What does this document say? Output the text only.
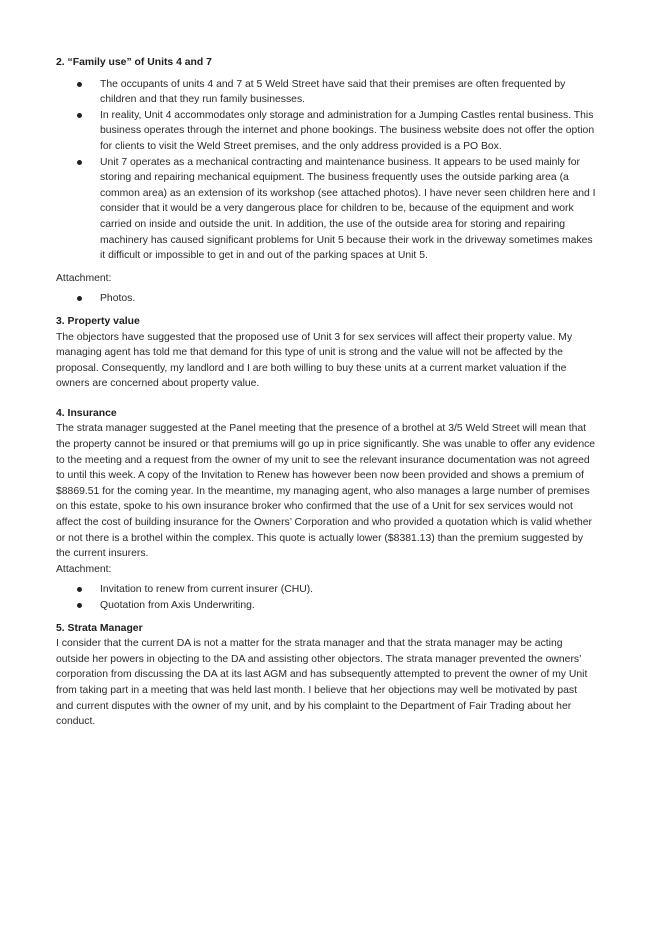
2. “Family use” of Units 4 and 7
The occupants of units 4 and 7 at 5 Weld Street have said that their premises are often frequented by children and that they run family businesses.
In reality, Unit 4 accommodates only storage and administration for a Jumping Castles rental business. This business operates through the internet and phone bookings. The business website does not offer the option for clients to visit the Weld Street premises, and the only address provided is a PO Box.
Unit 7 operates as a mechanical contracting and maintenance business. It appears to be used mainly for storing and repairing mechanical equipment. The business frequently uses the outside parking area (a common area) as an extension of its workshop (see attached photos). I have never seen children here and I consider that it would be a very dangerous place for children to be, because of the equipment and work carried on inside and outside the unit. In addition, the use of the outside area for storing and repairing machinery has caused significant problems for Unit 5 because their work in the driveway sometimes makes it difficult or impossible to get in and out of the parking spaces at Unit 5.

Attachment:

Photos.
3. Property value

The objectors have suggested that the proposed use of Unit 3 for sex services will affect their property value. My managing agent has told me that demand for this type of unit is strong and the value will not be affected by the proposal. Consequently, my landlord and I are both willing to buy these units at a current market valuation if the owners are concerned about property value.

4. Insurance

The strata manager suggested at the Panel meeting that the presence of a brothel at 3/5 Weld Street will mean that the property cannot be insured or that premiums will go up in price significantly. She was unable to offer any evidence to the meeting and a request from the owner of my unit to see the relevant insurance documentation was not agreed to until this week. A copy of the Invitation to Renew has however been now been provided and shows a premium of $8869.51 for the coming year. In the meantime, my managing agent, who also manages a large number of premises on this estate, spoke to his own insurance broker who confirmed that the use of a Unit for sex services would not affect the cost of building insurance for the Owners’ Corporation and who provided a quotation which is valid whether or not there is a brothel within the complex. This quote is actually lower ($8381.13) than the premium suggested by the current insurers.

Attachment:

Invitation to renew from current insurer (CHU).
Quotation from Axis Underwriting.
5. Strata Manager

I consider that the current DA is not a matter for the strata manager and that the strata manager may be acting outside her powers in objecting to the DA and assisting other objectors. The strata manager prevented the owners’ corporation from discussing the DA at its last AGM and has subsequently attempted to prevent the owner of my Unit from taking part in a meeting that was held last month. I believe that her objections may well be motivated by past and current disputes with the owner of my unit, and by his complaint to the Department of Fair Trading about her conduct.
